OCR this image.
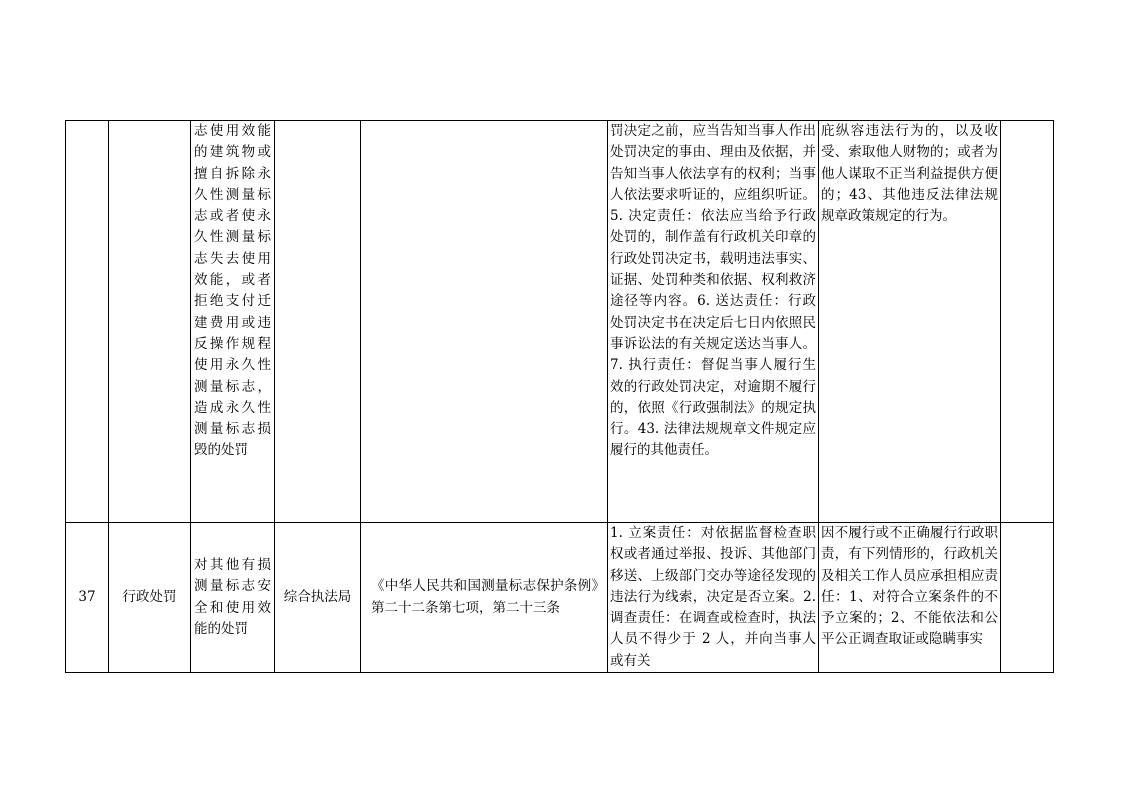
		志使用效能的建筑物或擅自拆除永久性测量标志或者使永久性测量标志失去使用效能，或者拒绝支付迁建费用或违反操作规程使用永久性测量标志，造成永久性测量标志损毁的处罚			罚决定之前，应当告知当事人作出处罚决定的事由、理由及依据，并告知当事人依法享有的权利；当事人依法要求听证的，应组织听证。5. 决定责任：依法应当给予行政处罚的，制作盖有行政机关印章的行政处罚决定书，载明违法事实、证据、处罚种类和依据、权利救济途径等内容。6. 送达责任：行政处罚决定书在决定后七日内依照民事诉讼法的有关规定送达当事人。7. 执行责任：督促当事人履行生效的行政处罚决定，对逾期不履行的，依照《行政强制法》的规定执行。43. 法律法规规章文件规定应履行的其他责任。	庇纵容违法行为的，以及收受、索取他人财物的；或者为他人谋取不正当利益提供方便的；43、其他违反法律法规规章政策规定的行为。	

37	行政处罚	对其他有损测量标志安全和使用效能的处罚	综合执法局	《中华人民共和国测量标志保护条例》第二十二条第七项，第二十三条	1. 立案责任：对依据监督检查职权或者通过举报、投诉、其他部门移送、上级部门交办等途径发现的违法行为线索，决定是否立案。2. 调查责任：在调查或检查时，执法人员不得少于 2 人，并向当事人或有关	因不履行或不正确履行行政职责，有下列情形的，行政机关及相关工作人员应承担相应责任：1、对符合立案条件的不予立案的；2、不能依法和公平公正调查取证或隐瞒事实	
